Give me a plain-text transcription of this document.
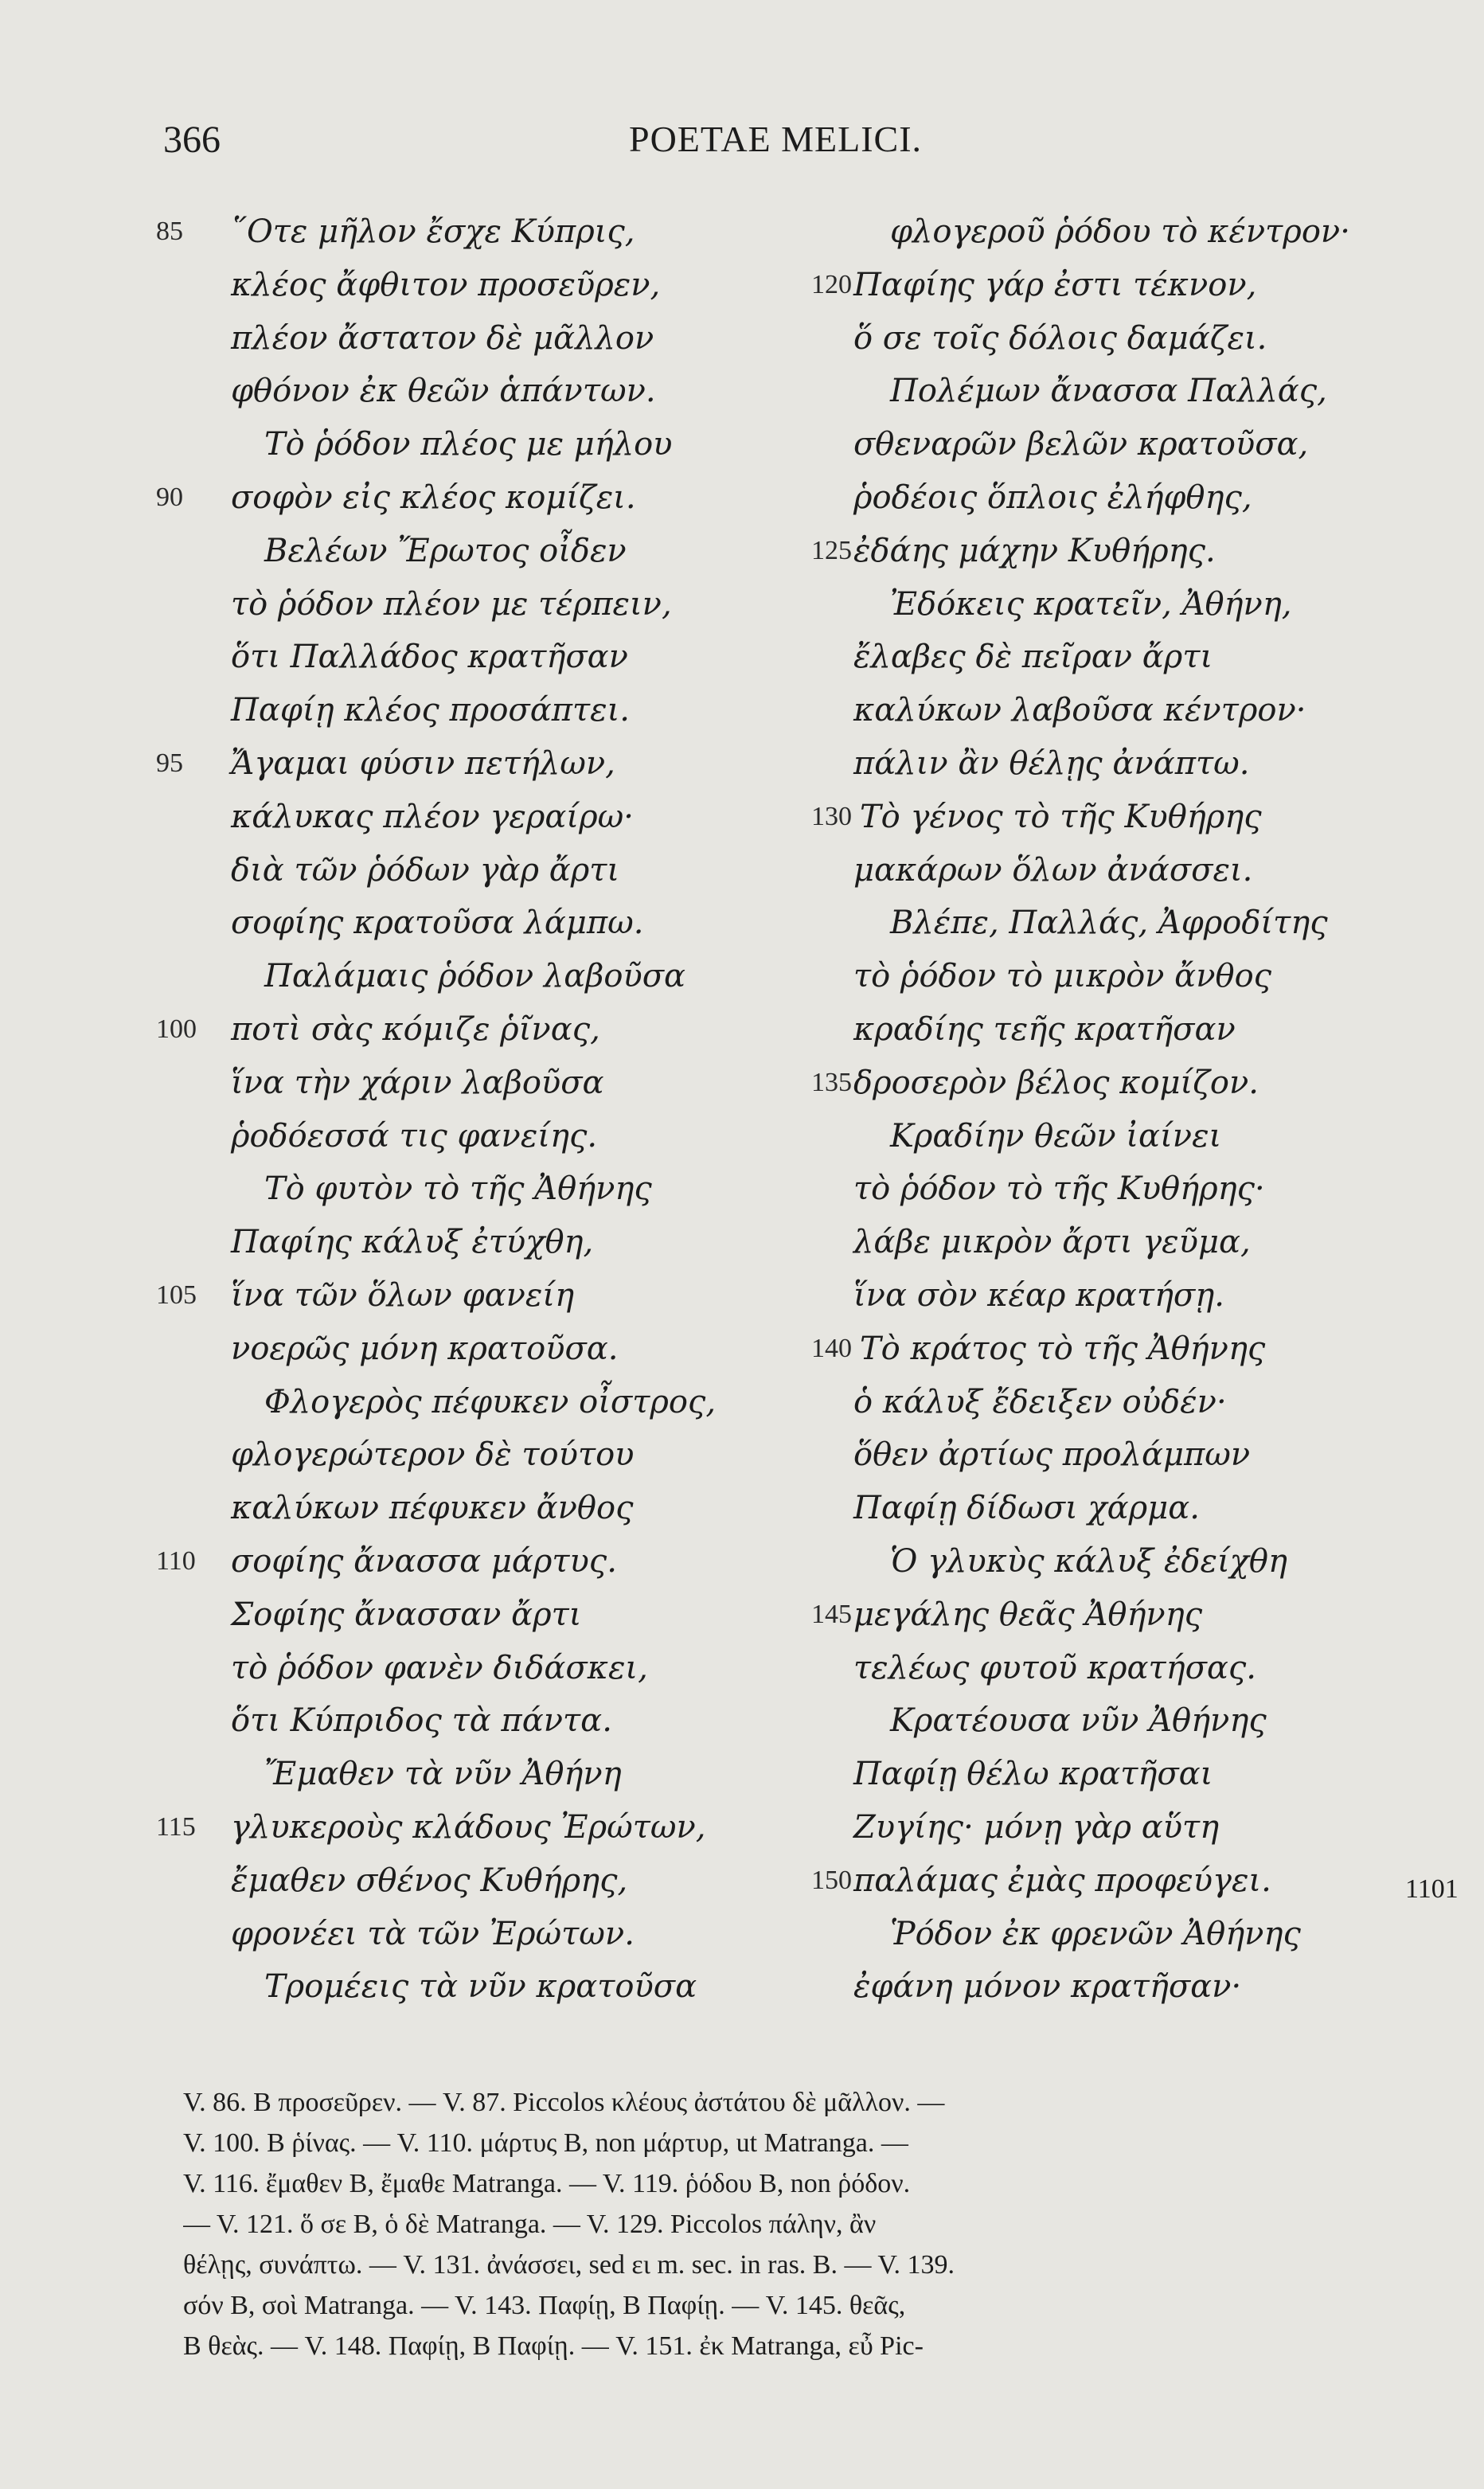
366	POETAE MELICI.
85	῞Οτε μῆλον ἔσχε Κύπρις,
κλέος ἄφθιτον προσεῦρεν,
πλέον ἄστατον δὲ μᾶλλον
φθόνον ἐκ θεῶν ἁπάντων.
Τὸ ῥόδον πλέος με μήλου
90	σοφὸν εἰς κλέος κομίζει.
Βελέων Ἔρωτος οἶδεν
τὸ ῥόδον πλέον με τέρπειν,
ὅτι Παλλάδος κρατῆσαν
Παφίῃ κλέος προσάπτει.
95	Ἄγαμαι φύσιν πετήλων,
κάλυκας πλέον γεραίρω·
διὰ τῶν ῥόδων γὰρ ἄρτι
σοφίης κρατοῦσα λάμπω.
Παλάμαις ῥόδον λαβοῦσα
100	ποτὶ σὰς κόμιζε ῥῖνας,
ἵνα τὴν χάριν λαβοῦσα
ῥοδόεσσά τις φανείης.
Τὸ φυτὸν τὸ τῆς Ἀθήνης
Παφίης κάλυξ ἐτύχθη,
105	ἵνα τῶν ὅλων φανείη
νοερῶς μόνη κρατοῦσα.
Φλογερὸς πέφυκεν οἶστρος,
φλογερώτερον δὲ τούτου
καλύκων πέφυκεν ἄνθος
110	σοφίης ἄνασσα μάρτυς.
Σοφίης ἄνασσαν ἄρτι
τὸ ῥόδον φανὲν διδάσκει,
ὅτι Κύπριδος τὰ πάντα.
Ἔμαθεν τὰ νῦν Ἀθήνη
115	γλυκεροὺς κλάδους Ἐρώτων,
ἔμαθεν σθένος Κυθήρης,
φρονέει τὰ τῶν Ἐρώτων.
Τρομέεις τὰ νῦν κρατοῦσα
φλογεροῦ ῥόδου τὸ κέντρον·
120 Παφίης γάρ ἐστι τέκνον,
ὅ σε τοῖς δόλοις δαμάζει.
Πολέμων ἄνασσα Παλλάς,
σθεναρῶν βελῶν κρατοῦσα,
ῥοδέοις ὅπλοις ἐλήφθης,
125 ἐδάης μάχην Κυθήρης.
Ἐδόκεις κρατεῖν, Ἀθήνη,
ἔλαβες δὲ πεῖραν ἄρτι
καλύκων λαβοῦσα κέντρον·
πάλιν ἂν θέλῃς ἀνάπτω.
130 Τὸ γένος τὸ τῆς Κυθήρης
μακάρων ὅλων ἀνάσσει.
Βλέπε, Παλλάς, Ἀφροδίτης
τὸ ῥόδον τὸ μικρὸν ἄνθος
κραδίης τεῆς κρατῆσαν
135 δροσερὸν βέλος κομίζον.
Κραδίην θεῶν ἰαίνει
τὸ ῥόδον τὸ τῆς Κυθήρης·
λάβε μικρὸν ἄρτι γεῦμα,
ἵνα σὸν κέαρ κρατήσῃ.
140 Τὸ κράτος τὸ τῆς Ἀθήνης
ὁ κάλυξ ἔδειξεν οὐδέν·
ὅθεν ἀρτίως προλάμπων
Παφίῃ δίδωσι χάρμα.
Ὁ γλυκὺς κάλυξ ἐδείχθη
145 μεγάλης θεᾶς Ἀθήνης
τελέως φυτοῦ κρατήσας.
Κρατέουσα νῦν Ἀθήνης
Παφίῃ θέλω κρατῆσαι
Ζυγίης· μόνῃ γὰρ αὕτη
150 παλάμας ἐμὰς προφεύγει.
Ῥόδον ἐκ φρενῶν Ἀθήνης
ἐφάνη μόνον κρατῆσαν·
1101
V. 86. B προσεῦρεν. — V. 87. Piccolos κλέους ἀστάτου δὲ μᾶλλον. —
V. 100. B ῥίνας. — V. 110. μάρτυς B, non μάρτυρ, ut Matranga. —
V. 116. ἔμαθεν B, ἔμαθε Matranga. — V. 119. ῥόδου B, non ῥόδον.
— V. 121. ὅ σε B, ὁ δὲ Matranga. — V. 129. Piccolos πάλην, ἂν
θέλῃς, συνάπτω. — V. 131. ἀνάσσει, sed ει m. sec. in ras. B. — V. 139.
σόν B, σοὶ Matranga. — V. 143. Παφίῃ, B Παφίῃ. — V. 145. θεᾶς,
B θεὰς. — V. 148. Παφίῃ, B Παφίῃ. — V. 151. ἐκ Matranga, εὖ Pic-
